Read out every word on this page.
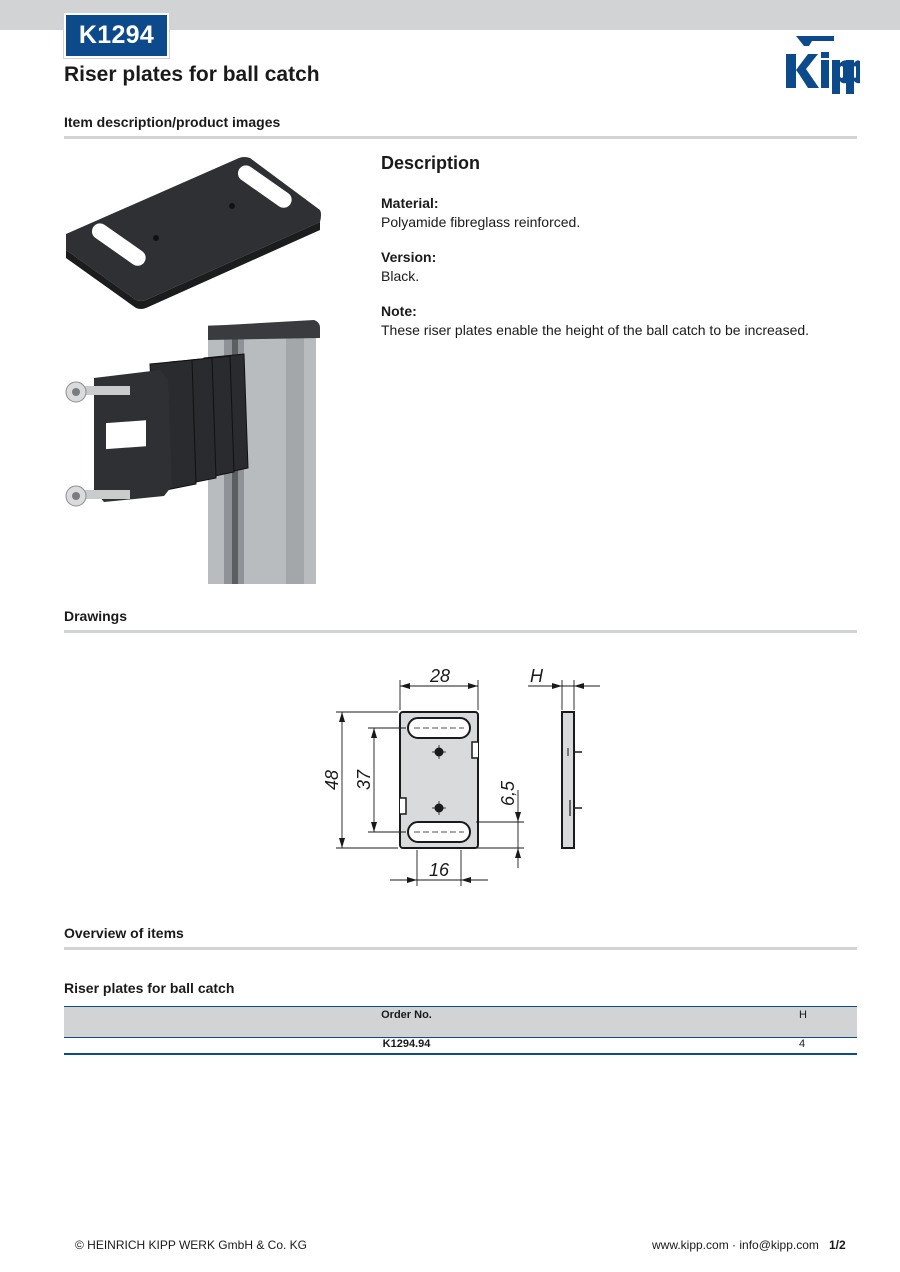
K1294
Riser plates for ball catch
Item description/product images
Description
Material:
Polyamide fibreglass reinforced.
Version:
Black.
Note:
These riser plates enable the height of the ball catch to be increased.
Drawings
28	H
48 37
6,5
16
Overview of items
Riser plates for ball catch
Order No.	H
K1294.94	4
© HEINRICH KIPP WERK GmbH & Co. KG	www.kipp.com · info@kipp.com 1/2
